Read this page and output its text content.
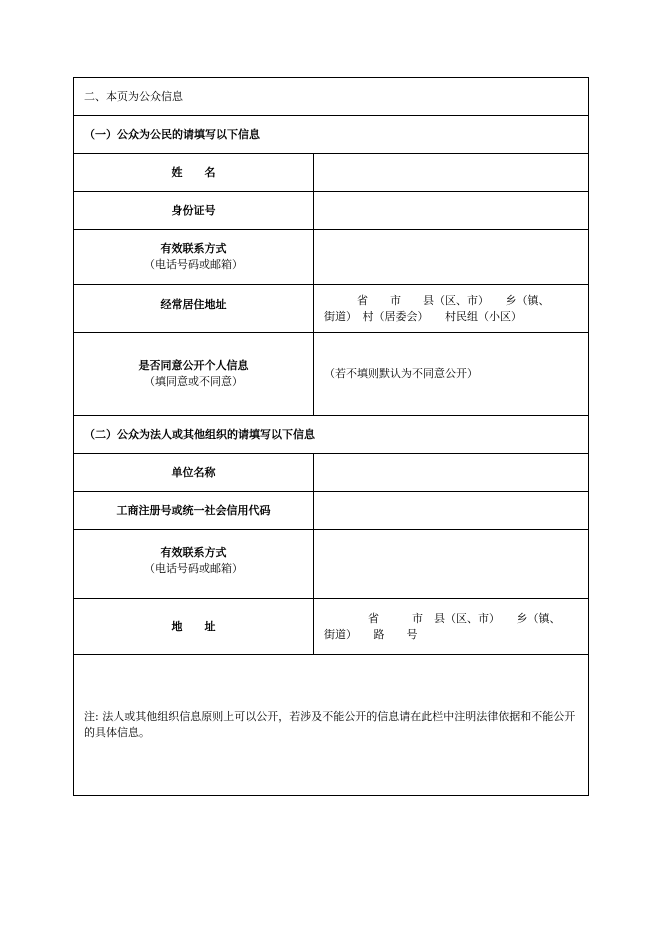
二、本页为公众信息	
（一）公众为公民的请填写以下信息	
姓　　名	
身份证号	
有效联系方式
（电话号码或邮箱）	

经常居住地址	　　　省　　市　　县（区、市）　　乡（镇、
街道）　村（居委会）　　村民组（小区）

是否同意公开个人信息
（填同意或不同意）	（若不填则默认为不同意公开）
（二）公众为法人或其他组织的请填写以下信息	
单位名称	
工商注册号或统一社会信用代码	
有效联系方式
（电话号码或邮箱）	

地　　址	　　　　省　　　市　县（区、市）　　乡（镇、
街道）　　路　　号

注: 法人或其他组织信息原则上可以公开，若涉及不能公开的信息请在此栏中注明法律依据和不能公开的具体信息。	
